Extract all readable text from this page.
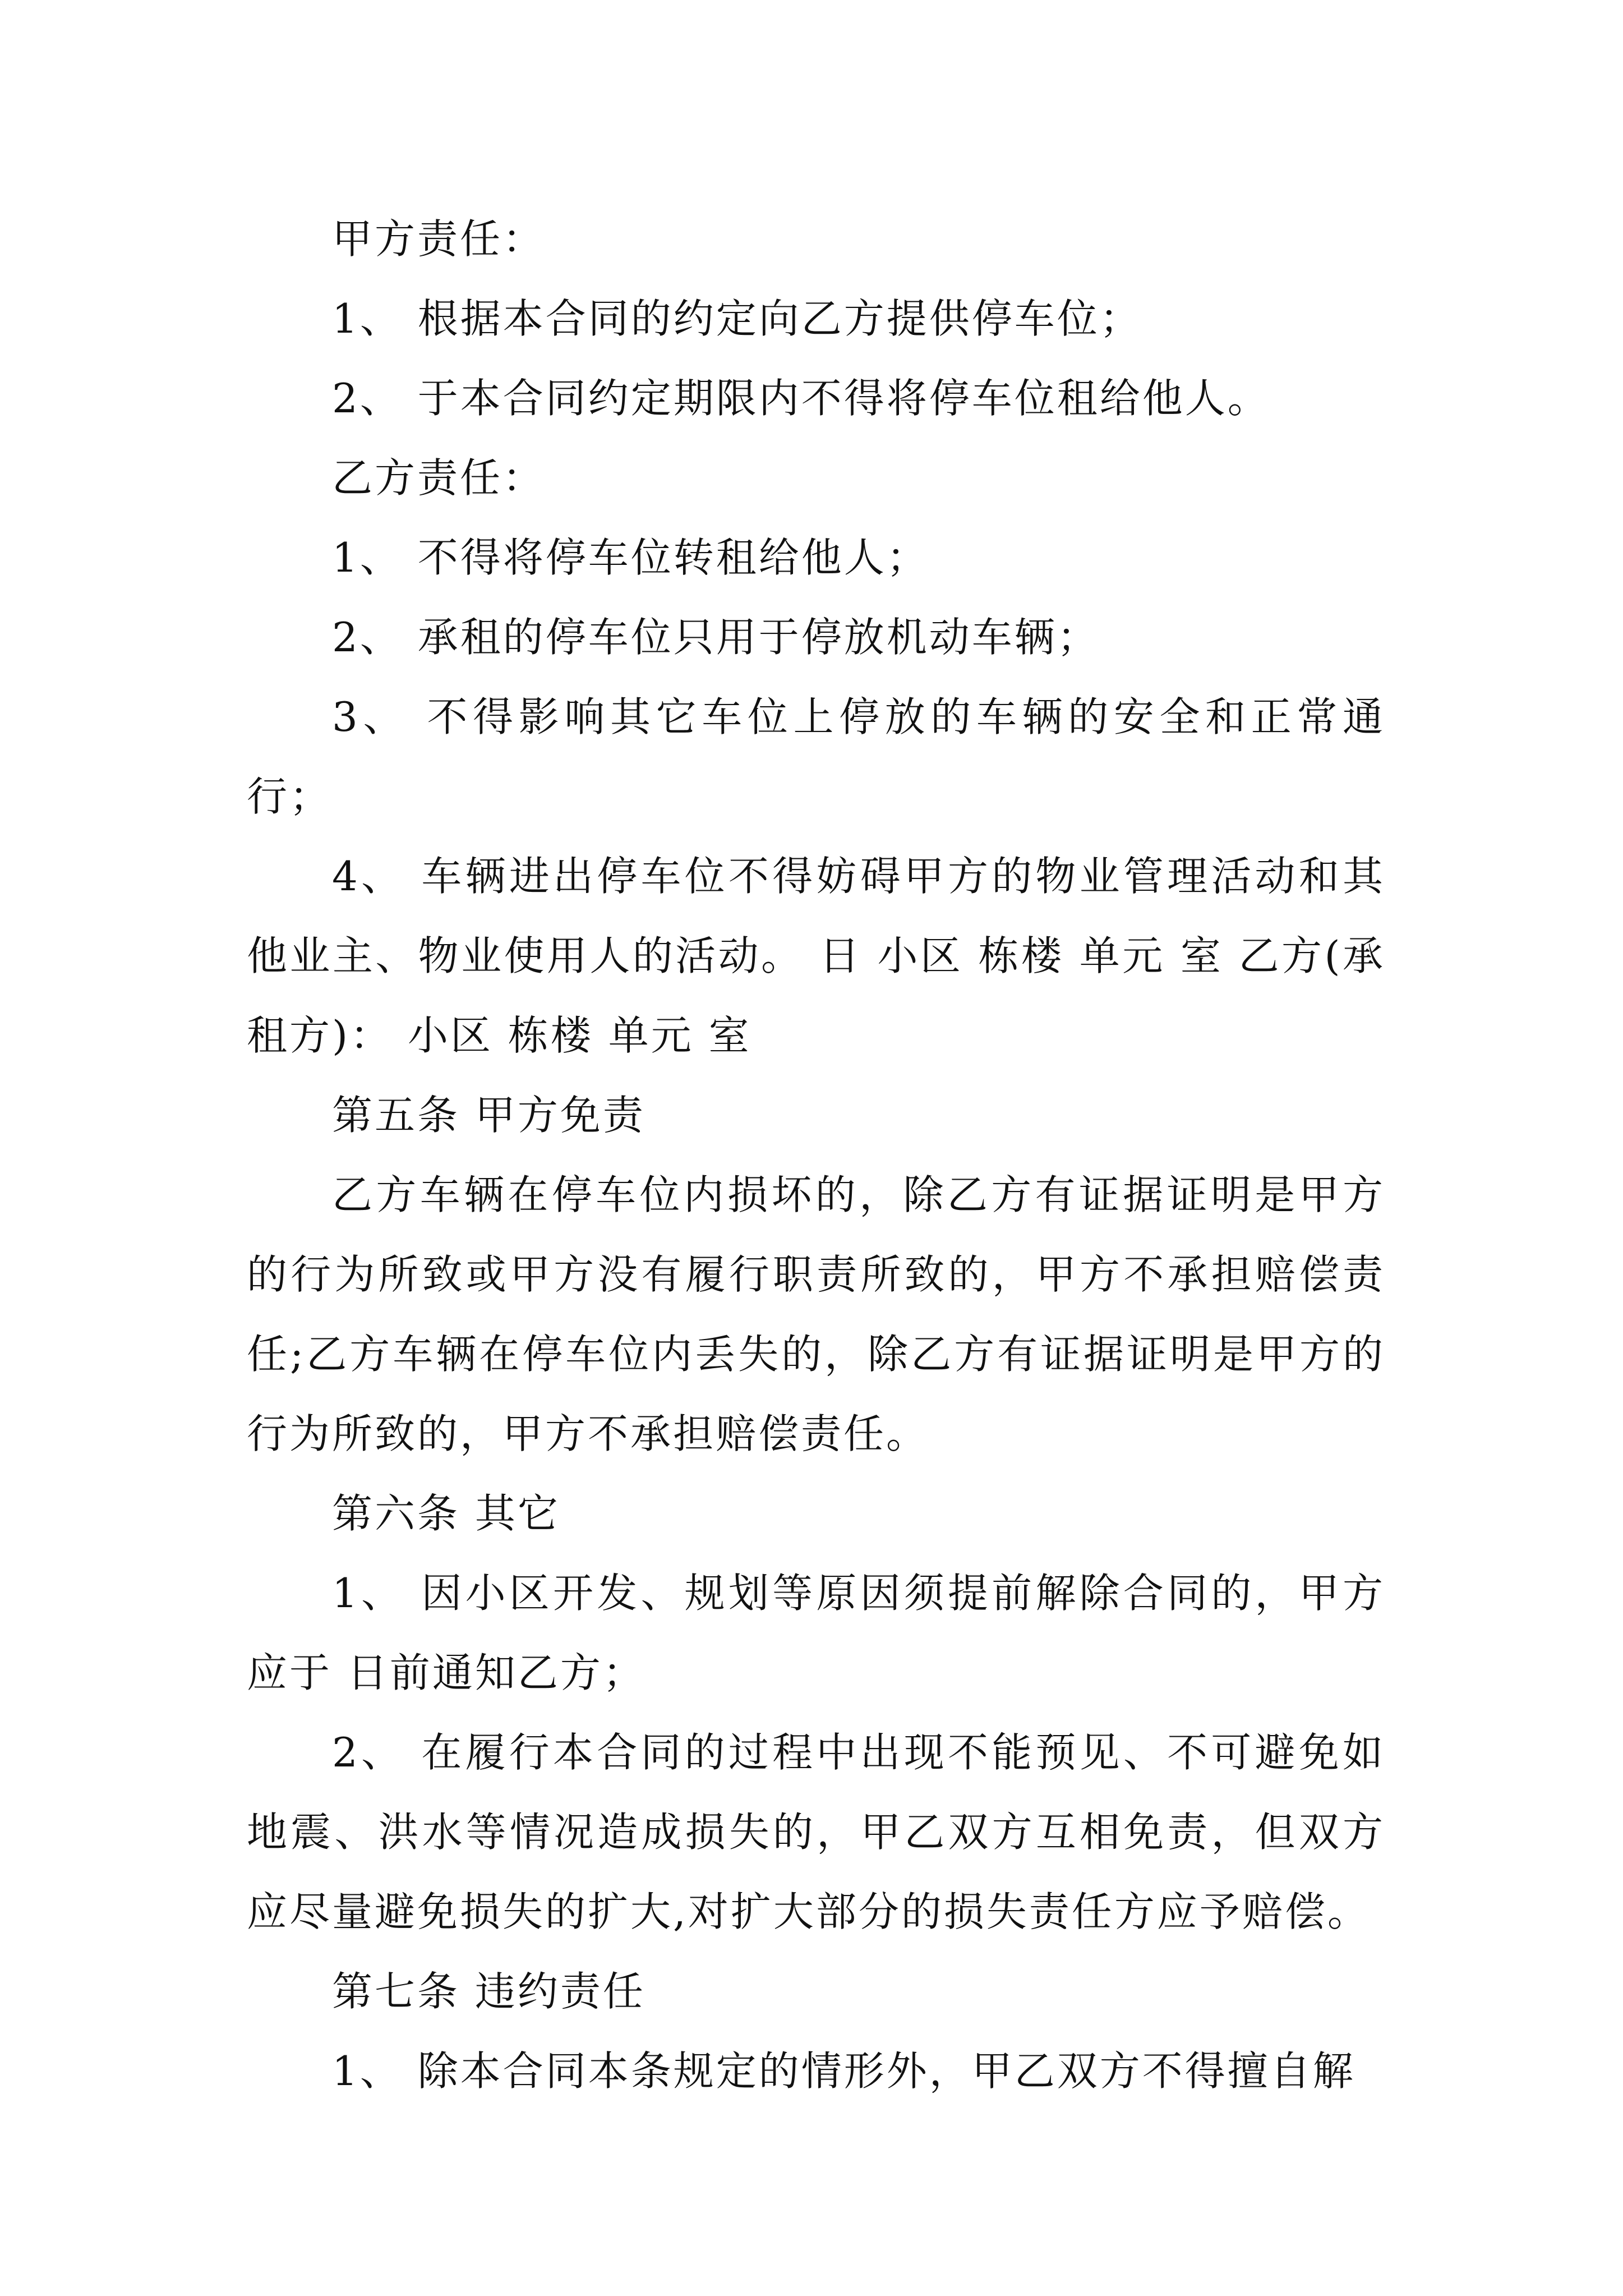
甲方责任：

1、 根据本合同的约定向乙方提供停车位；

2、 于本合同约定期限内不得将停车位租给他人。

乙方责任：

1、 不得将停车位转租给他人；

2、 承租的停车位只用于停放机动车辆；

3、 不得影响其它车位上停放的车辆的安全和正常通行；

4、 车辆进出停车位不得妨碍甲方的物业管理活动和其他业主、物业使用人的活动。 日 小区 栋楼 单元 室 乙方(承租方)： 小区 栋楼 单元 室

第五条 甲方免责

乙方车辆在停车位内损坏的，除乙方有证据证明是甲方的行为所致或甲方没有履行职责所致的，甲方不承担赔偿责任;乙方车辆在停车位内丢失的，除乙方有证据证明是甲方的行为所致的，甲方不承担赔偿责任。

第六条 其它

1、 因小区开发、规划等原因须提前解除合同的，甲方应于 日前通知乙方；

2、 在履行本合同的过程中出现不能预见、不可避免如地震、洪水等情况造成损失的，甲乙双方互相免责，但双方应尽量避免损失的扩大,对扩大部分的损失责任方应予赔偿。

第七条 违约责任

1、 除本合同本条规定的情形外，甲乙双方不得擅自解
